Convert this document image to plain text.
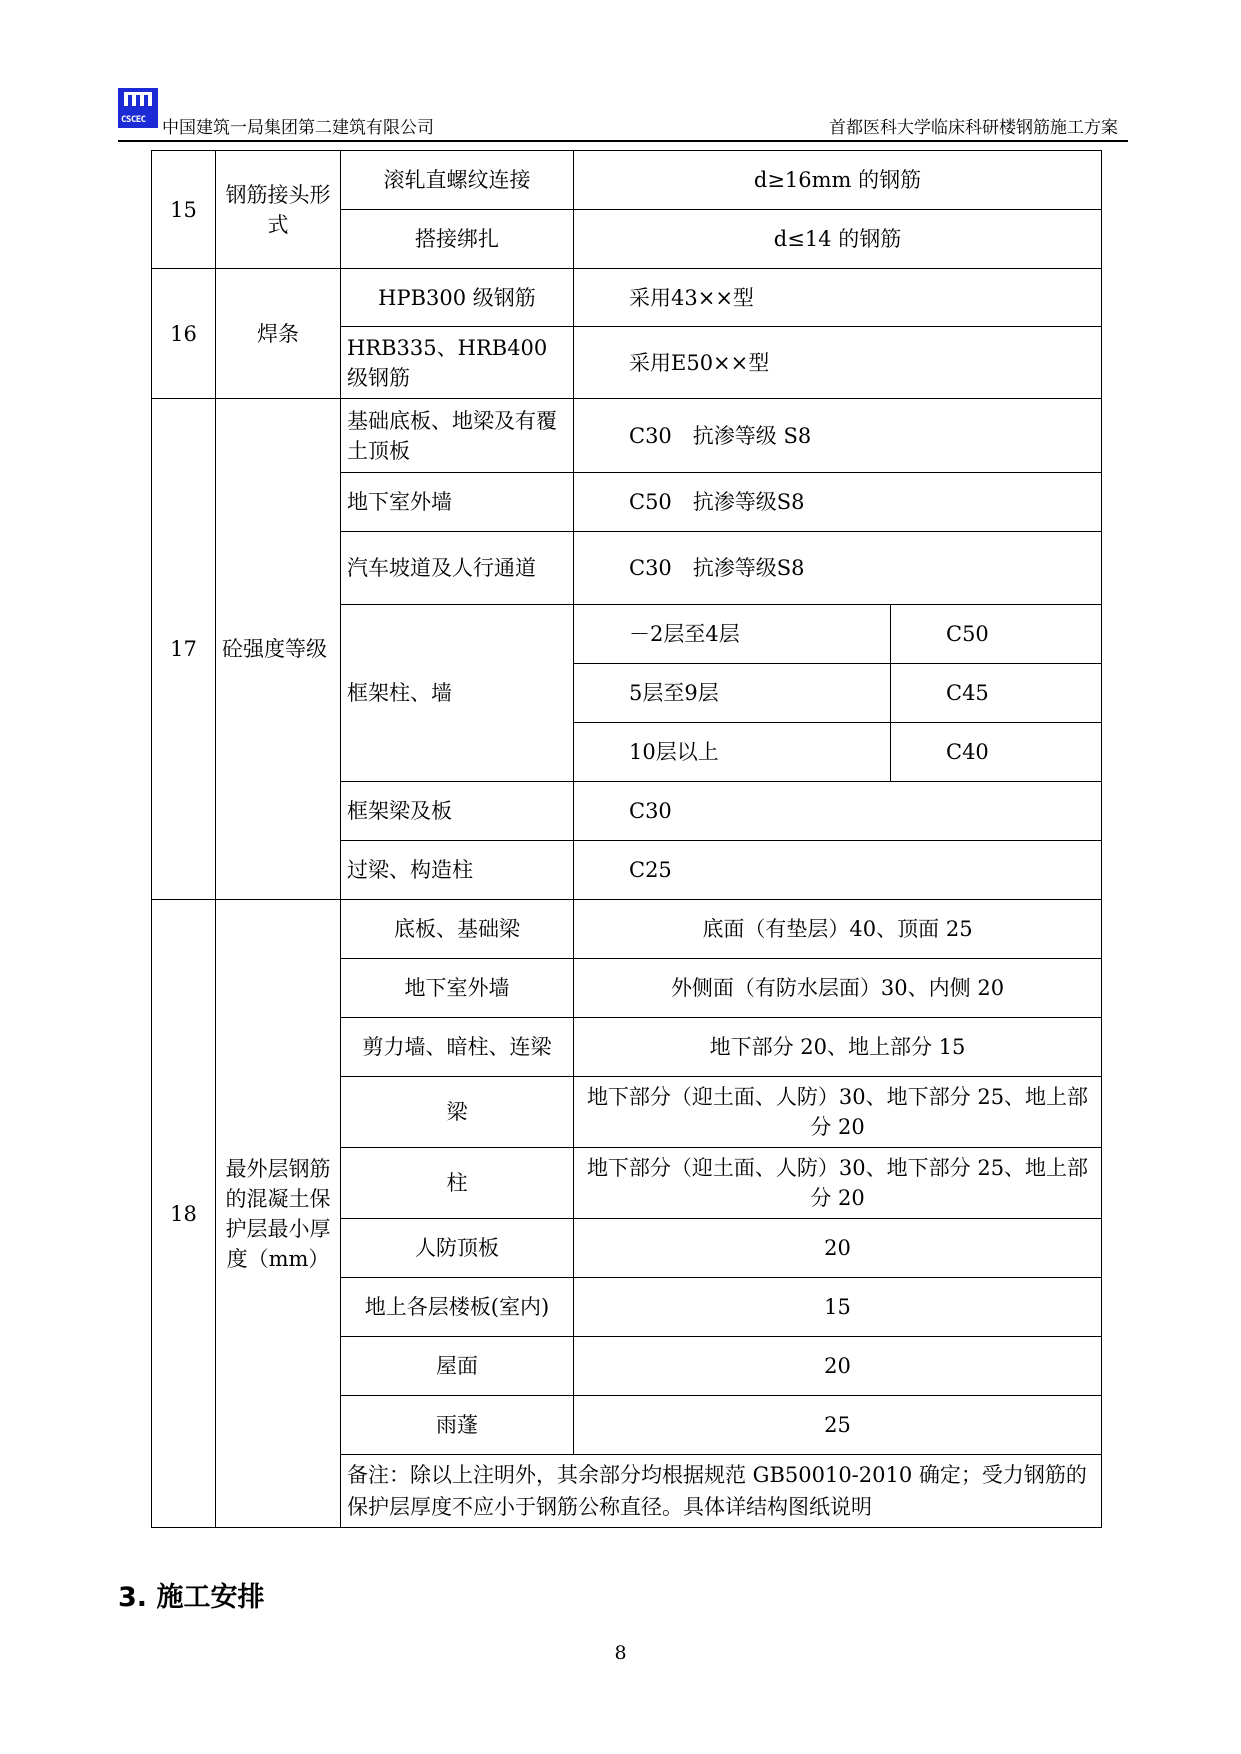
CSCEC 中国建筑一局集团第二建筑有限公司	首都医科大学临床科研楼钢筋施工方案
15	钢筋接头形式	滚轧直螺纹连接	d≥16mm 的钢筋	
		搭接绑扎	d≤14 的钢筋	
16	焊条	HPB300 级钢筋	采用43××型	
		HRB335、HRB400级钢筋	采用E50××型	
17	砼强度等级	基础底板、地梁及有覆土顶板	C30　抗渗等级 S8	
		地下室外墙	C50　抗渗等级S8	
		汽车坡道及人行通道	C30　抗渗等级S8	
		框架柱、墙	－2层至4层	C50
			5层至9层	C45
			10层以上	C40
		框架梁及板	C30	
		过梁、构造柱	C25	
18	最外层钢筋的混凝土保护层最小厚度（mm）	底板、基础梁	底面（有垫层）40、顶面 25	
		地下室外墙	外侧面（有防水层面）30、内侧 20	
		剪力墙、暗柱、连梁	地下部分 20、地上部分 15	
		梁	地下部分（迎土面、人防）30、地下部分 25、地上部分 20	
		柱	地下部分（迎土面、人防）30、地下部分 25、地上部分 20	
		人防顶板	20	
		地上各层楼板(室内)	15	
		屋面	20	
		雨蓬	25	
		备注：除以上注明外，其余部分均根据规范 GB50010-2010 确定；受力钢筋的保护层厚度不应小于钢筋公称直径。具体详结构图纸说明		
3. 施工安排
8
